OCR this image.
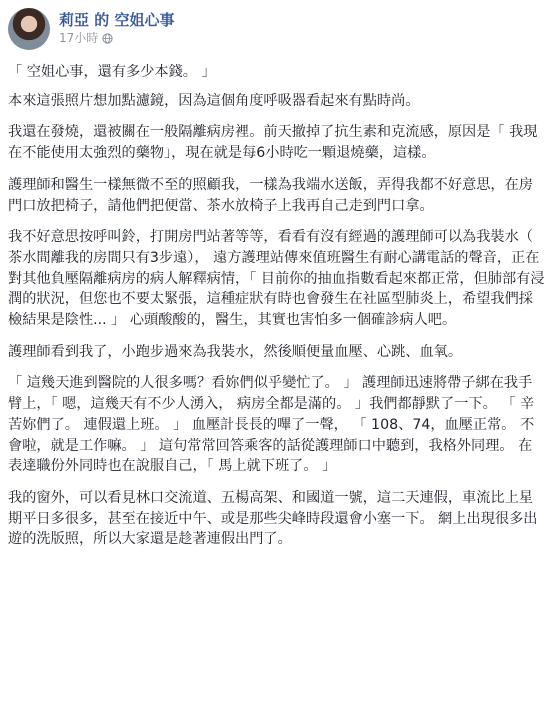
莉亞 的 空姐心事
17小時

「 空姐心事，還有多少本錢。 」

本來這張照片想加點濾鏡，因為這個角度呼吸器看起來有點時尚。

我還在發燒，還被關在一般隔離病房裡。前天撤掉了抗生素和克流感，原因是「 我現在不能使用太強烈的藥物」，現在就是每6小時吃一顆退燒藥，這樣。

護理師和醫生一樣無微不至的照顧我，一樣為我端水送飯，弄得我都不好意思，在房門口放把椅子，請他們把便當、茶水放椅子上我再自己走到門口拿。

我不好意思按呼叫鈴，打開房門站著等等，看看有沒有經過的護理師可以為我裝水（ 茶水間離我的房間只有3步遠）， 遠方護理站傳來值班醫生有耐心講電話的聲音，正在對其他負壓隔離病房的病人解釋病情，「 目前你的抽血指數看起來都正常，但肺部有浸潤的狀況，但您也不要太緊張，這種症狀有時也會發生在社區型肺炎上，希望我們採檢結果是陰性... 」 心頭酸酸的，醫生，其實也害怕多一個確診病人吧。

護理師看到我了，小跑步過來為我裝水，然後順便量血壓、心跳、血氧。

「 這幾天進到醫院的人很多嗎？看妳們似乎變忙了。 」 護理師迅速將帶子綁在我手臂上，「 嗯，這幾天有不少人湧入， 病房全都是滿的。 」我們都靜默了一下。 「 辛苦妳們了。 連假還上班。 」 血壓計長長的嗶了一聲， 「 108、74，血壓正常。 不會啦，就是工作嘛。 」 這句常常回答乘客的話從護理師口中聽到，我格外同理。 在表達職份外同時也在說服自己，「 馬上就下班了。 」

我的窗外，可以看見林口交流道、五楊高架、和國道一號，這二天連假，車流比上星期平日多很多，甚至在接近中午、或是那些尖峰時段還會小塞一下。 網上出現很多出遊的洗版照，所以大家還是趁著連假出門了。
